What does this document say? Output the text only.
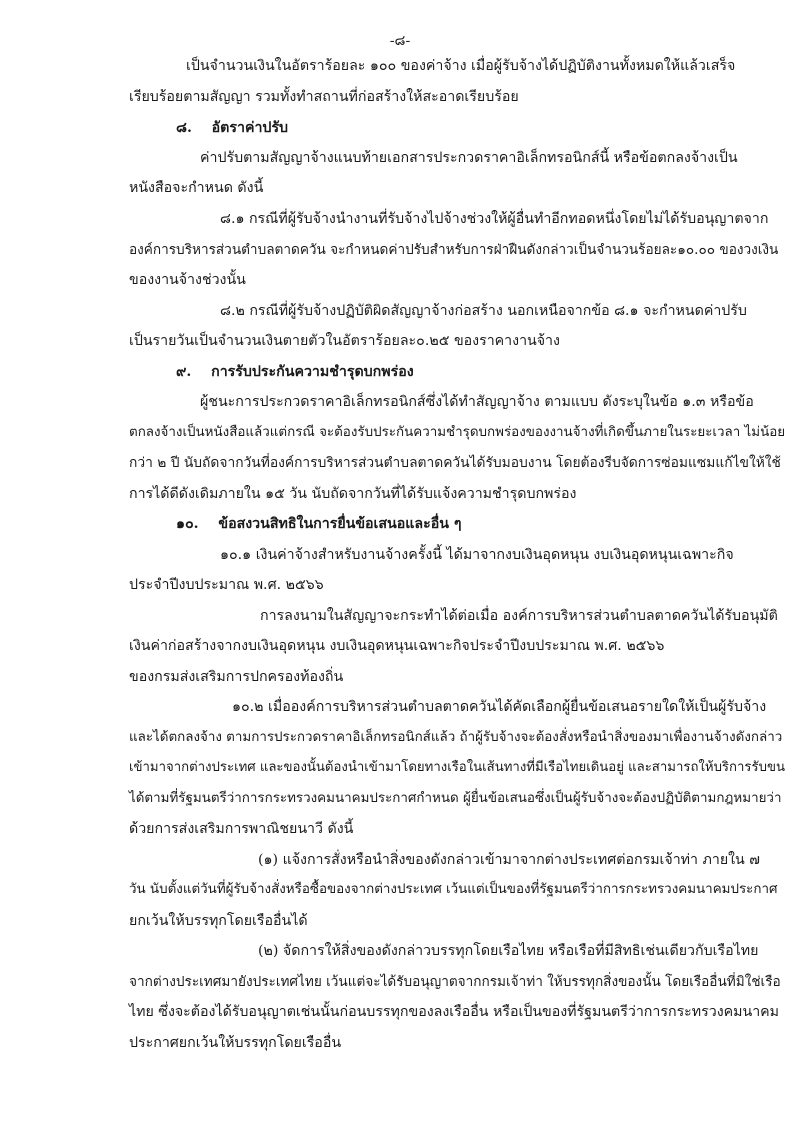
-๘-
เป็นจำนวนเงินในอัตราร้อยละ ๑๐๐ ของค่าจ้าง เมื่อผู้รับจ้างได้ปฏิบัติงานทั้งหมดให้แล้วเสร็จ
เรียบร้อยตามสัญญา รวมทั้งทำสถานที่ก่อสร้างให้สะอาดเรียบร้อย
๘. อัตราค่าปรับ
ค่าปรับตามสัญญาจ้างแนบท้ายเอกสารประกวดราคาอิเล็กทรอนิกส์นี้ หรือข้อตกลงจ้างเป็น
หนังสือจะกำหนด ดังนี้
๘.๑ กรณีที่ผู้รับจ้างนำงานที่รับจ้างไปจ้างช่วงให้ผู้อื่นทำอีกทอดหนึ่งโดยไม่ได้รับอนุญาตจาก
องค์การบริหารส่วนตำบลตาดควัน จะกำหนดค่าปรับสำหรับการฝ่าฝืนดังกล่าวเป็นจำนวนร้อยละ๑๐.๐๐ ของวงเงิน
ของงานจ้างช่วงนั้น
๘.๒ กรณีที่ผู้รับจ้างปฏิบัติผิดสัญญาจ้างก่อสร้าง นอกเหนือจากข้อ ๘.๑ จะกำหนดค่าปรับ
เป็นรายวันเป็นจำนวนเงินตายตัวในอัตราร้อยละ๐.๒๕ ของราคางานจ้าง
๙. การรับประกันความชำรุดบกพร่อง
ผู้ชนะการประกวดราคาอิเล็กทรอนิกส์ซึ่งได้ทำสัญญาจ้าง ตามแบบ ดังระบุในข้อ ๑.๓ หรือข้อ
ตกลงจ้างเป็นหนังสือแล้วแต่กรณี จะต้องรับประกันความชำรุดบกพร่องของงานจ้างที่เกิดขึ้นภายในระยะเวลา ไม่น้อย
กว่า ๒ ปี นับถัดจากวันที่องค์การบริหารส่วนตำบลตาดควันได้รับมอบงาน โดยต้องรีบจัดการซ่อมแซมแก้ไขให้ใช้
การได้ดีดังเดิมภายใน ๑๕ วัน นับถัดจากวันที่ได้รับแจ้งความชำรุดบกพร่อง
๑๐. ข้อสงวนสิทธิในการยื่นข้อเสนอและอื่น ๆ
๑๐.๑ เงินค่าจ้างสำหรับงานจ้างครั้งนี้ ได้มาจากงบเงินอุดหนุน งบเงินอุดหนุนเฉพาะกิจ
ประจำปีงบประมาณ พ.ศ. ๒๕๖๖
การลงนามในสัญญาจะกระทำได้ต่อเมื่อ องค์การบริหารส่วนตำบลตาดควันได้รับอนุมัติ
เงินค่าก่อสร้างจากงบเงินอุดหนุน งบเงินอุดหนุนเฉพาะกิจประจำปีงบประมาณ พ.ศ. ๒๕๖๖
ของกรมส่งเสริมการปกครองท้องถิ่น
๑๐.๒ เมื่อองค์การบริหารส่วนตำบลตาดควันได้คัดเลือกผู้ยื่นข้อเสนอรายใดให้เป็นผู้รับจ้าง
และได้ตกลงจ้าง ตามการประกวดราคาอิเล็กทรอนิกส์แล้ว ถ้าผู้รับจ้างจะต้องสั่งหรือนำสิ่งของมาเพื่องานจ้างดังกล่าว
เข้ามาจากต่างประเทศ และของนั้นต้องนำเข้ามาโดยทางเรือในเส้นทางที่มีเรือไทยเดินอยู่ และสามารถให้บริการรับขน
ได้ตามที่รัฐมนตรีว่าการกระทรวงคมนาคมประกาศกำหนด ผู้ยื่นข้อเสนอซึ่งเป็นผู้รับจ้างจะต้องปฏิบัติตามกฎหมายว่า
ด้วยการส่งเสริมการพาณิชยนาวี ดังนี้
(๑) แจ้งการสั่งหรือนำสิ่งของดังกล่าวเข้ามาจากต่างประเทศต่อกรมเจ้าท่า ภายใน ๗
วัน นับตั้งแต่วันที่ผู้รับจ้างสั่งหรือซื้อของจากต่างประเทศ เว้นแต่เป็นของที่รัฐมนตรีว่าการกระทรวงคมนาคมประกาศ
ยกเว้นให้บรรทุกโดยเรืออื่นได้
(๒) จัดการให้สิ่งของดังกล่าวบรรทุกโดยเรือไทย หรือเรือที่มีสิทธิเช่นเดียวกับเรือไทย
จากต่างประเทศมายังประเทศไทย เว้นแต่จะได้รับอนุญาตจากกรมเจ้าท่า ให้บรรทุกสิ่งของนั้น โดยเรืออื่นที่มิใช่เรือ
ไทย ซึ่งจะต้องได้รับอนุญาตเช่นนั้นก่อนบรรทุกของลงเรืออื่น หรือเป็นของที่รัฐมนตรีว่าการกระทรวงคมนาคม
ประกาศยกเว้นให้บรรทุกโดยเรืออื่น
